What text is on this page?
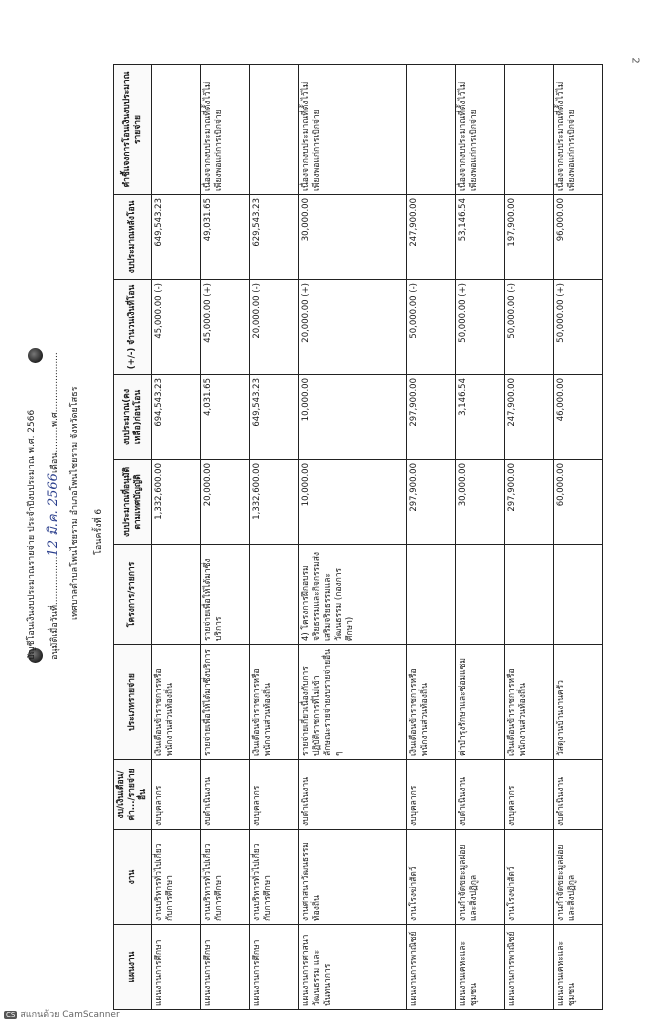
2
บัญชีโอนเงินงบประมาณรายจ่าย ประจำปีงบประมาณ พ.ศ. 2566 อนุมัติเมื่อวันที่.................12 มิ.ค. 2566เดือน.........พ.ศ..................... เทศบาลตำบลโพนไชยราม อำเภอโพนไชยราม จังหวัดยโสธร โอนครั้งที่ 6
แผนงาน	งาน	งบ/เงินเดือน/ค่า.../รายจ่ายอื่น	ประเภทรายจ่าย	โครงการ/รายการ	งบประมาณที่อนุมัติตามเทศบัญญัติ	งบประมาณ(คงเหลือ)ก่อนโอน	(+/-) จำนวนเงินที่โอน	งบประมาณหลังโอน	คำชี้แจงการโอนเงินงบประมาณรายจ่าย
แผนงานการศึกษา	งานบริหารทั่วไปเกี่ยวกับการศึกษา	งบบุคลากร	เงินเดือนข้าราชการหรือพนักงานส่วนท้องถิ่น		1,332,600.00	694,543.23	45,000.00 (-)	649,543.23	
แผนงานการศึกษา	งานบริหารทั่วไปเกี่ยวกับการศึกษา	งบดำเนินงาน	รายจ่ายเพื่อให้ได้มาซึ่งบริการ	รายจ่ายเพื่อให้ได้มาซึ่งบริการ	20,000.00	4,031.65	45,000.00 (+)	49,031.65	เนื่องจากงบประมาณที่ตั้งไว้ไม่เพียงพอแก่การเบิกจ่าย
แผนงานการศึกษา	งานบริหารทั่วไปเกี่ยวกับการศึกษา	งบบุคลากร	เงินเดือนข้าราชการหรือพนักงานส่วนท้องถิ่น		1,332,600.00	649,543.23	20,000.00 (-)	629,543.23	
แผนงานการศาสนา วัฒนธรรม และนันทนาการ	งานศาสนาวัฒนธรรมท้องถิ่น	งบดำเนินงาน	รายจ่ายเกี่ยวเนื่องกับการปฏิบัติราชการที่ไม่เข้าลักษณะรายจ่ายงบรายจ่ายอื่น ๆ	4) โครงการฝึกอบรมจริยธรรมและกิจกรรมส่งเสริมจริยธรรมและวัฒนธรรม (กองการศึกษา)	10,000.00	10,000.00	20,000.00 (+)	30,000.00	เนื่องจากงบประมาณที่ตั้งไว้ไม่เพียงพอแก่การเบิกจ่าย
แผนงานการพาณิชย์	งานโรงฆ่าสัตว์	งบบุคลากร	เงินเดือนข้าราชการหรือพนักงานส่วนท้องถิ่น		297,900.00	297,900.00	50,000.00 (-)	247,900.00	
แผนงานเคหะและชุมชน	งานกำจัดขยะมูลฝอยและสิ่งปฏิกูล	งบดำเนินงาน	ค่าบำรุงรักษาและซ่อมแซม		30,000.00	3,146.54	50,000.00 (+)	53,146.54	เนื่องจากงบประมาณที่ตั้งไว้ไม่เพียงพอแก่การเบิกจ่าย
แผนงานการพาณิชย์	งานโรงฆ่าสัตว์	งบบุคลากร	เงินเดือนข้าราชการหรือพนักงานส่วนท้องถิ่น		297,900.00	247,900.00	50,000.00 (-)	197,900.00	
แผนงานเคหะและชุมชน	งานกำจัดขยะมูลฝอยและสิ่งปฏิกูล	งบดำเนินงาน	วัสดุงานบ้านงานครัว		60,000.00	46,000.00	50,000.00 (+)	96,000.00	เนื่องจากงบประมาณที่ตั้งไว้ไม่เพียงพอแก่การเบิกจ่าย
CS สแกนด้วย CamScanner
